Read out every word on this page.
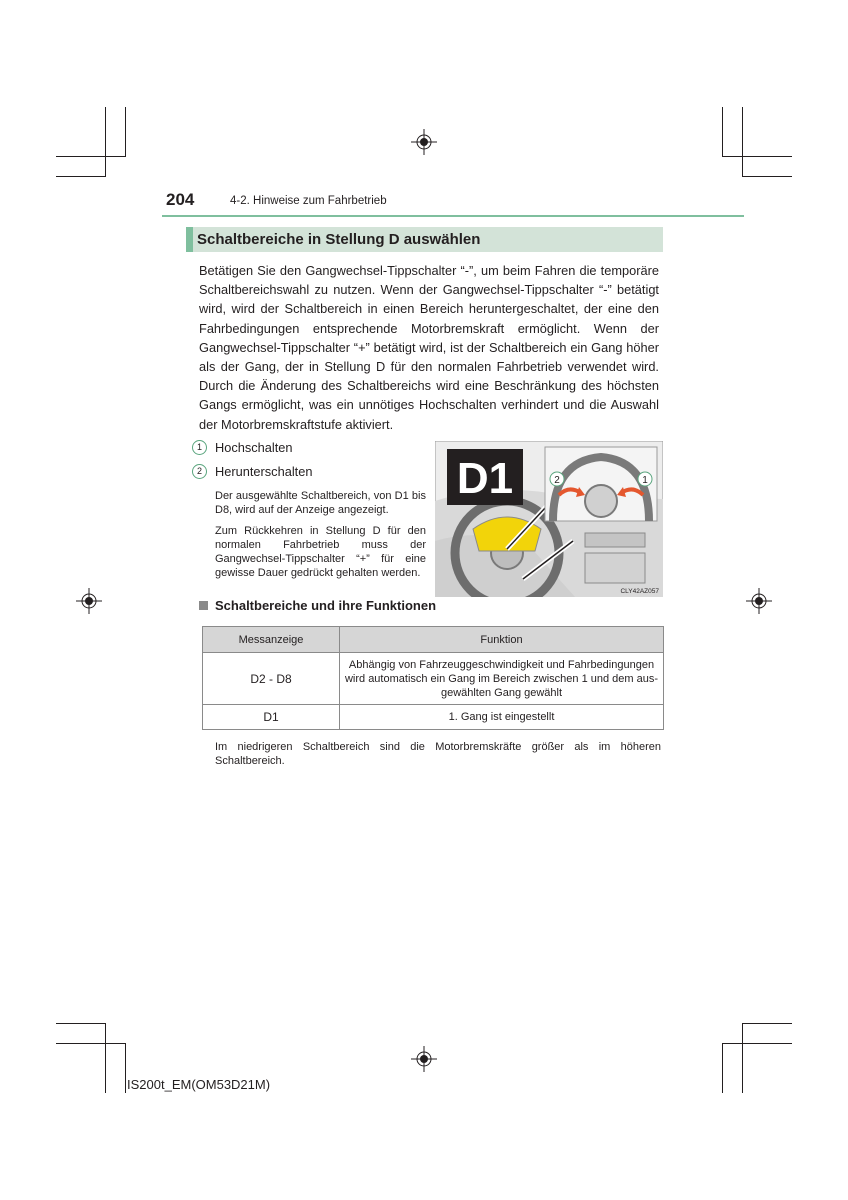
204	4-2. Hinweise zum Fahrbetrieb
Schaltbereiche in Stellung D auswählen
Betätigen Sie den Gangwechsel-Tippschalter “-”, um beim Fahren die temporäre Schaltbereichswahl zu nutzen. Wenn der Gangwechsel-Tippschalter “-” betätigt wird, wird der Schaltbereich in einen Bereich heruntergeschaltet, der eine den Fahrbedingungen entsprechende Motorbremskraft ermöglicht. Wenn der Gangwechsel-Tippschalter “+” betätigt wird, ist der Schaltbereich ein Gang höher als der Gang, der in Stellung D für den normalen Fahrbetrieb verwendet wird. Durch die Änderung des Schaltbereichs wird eine Beschränkung des höchsten Gangs ermöglicht, was ein unnötiges Hochschalten verhindert und die Auswahl der Motorbremskraftstufe aktiviert.
1	Hochschalten
2	Herunterschalten
Der ausgewählte Schaltbereich, von D1 bis D8, wird auf der Anzeige angezeigt.
Zum Rückkehren in Stellung D für den normalen Fahrbetrieb muss der Gangwechsel-Tippschalter “+” für eine gewisse Dauer gedrückt gehalten werden.
D1	2	1
CLY42AZ057
Schaltbereiche und ihre Funktionen
Messanzeige	Funktion
D2 - D8	Abhängig von Fahrzeuggeschwindigkeit und Fahrbedingungen
wird automatisch ein Gang im Bereich zwischen 1 und dem aus-
gewählten Gang gewählt

D1	1. Gang ist eingestellt
Im niedrigeren Schaltbereich sind die Motorbremskräfte größer als im höheren Schaltbereich.
IS200t_EM(OM53D21M)
